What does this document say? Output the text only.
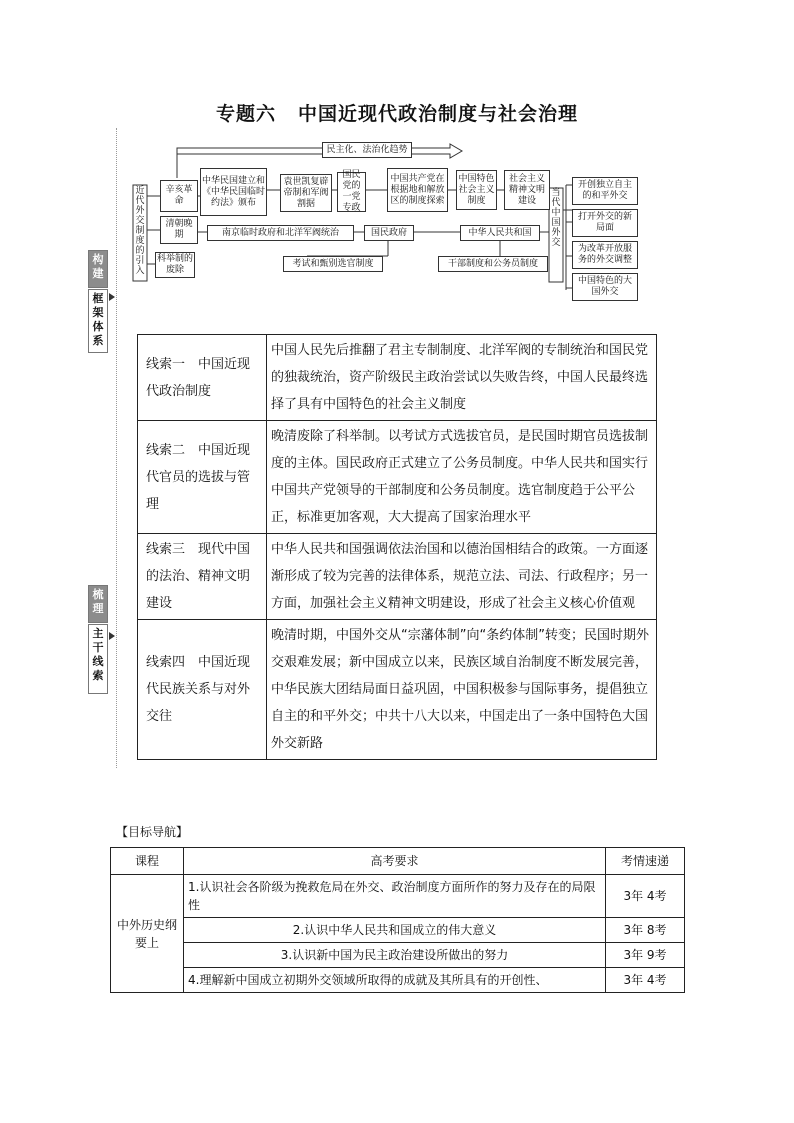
专题六 中国近现代政治制度与社会治理
构建
框架体系
梳理
主干线索
民主化、法治化趋势
近代外交制度的引入
辛亥革命
清朝晚期
科举制的废除
中华民国建立和《中华民国临时约法》颁布
袁世凯复辟帝制和军阀割据
国民党的一党专政
中国共产党在根据地和解放区的制度探索
中国特色社会主义制度
社会主义精神文明建设
南京临时政府和北洋军阀统治	国民政府	中华人民共和国
考试和甄别选官制度	干部制度和公务员制度
当代中国外交
开创独立自主的和平外交
打开外交的新局面
为改革开放服务的外交调整
中国特色的大国外交
线索一　中国近现代政治制度	中国人民先后推翻了君主专制制度、北洋军阀的专制统治和国民党的独裁统治，资产阶级民主政治尝试以失败告终，中国人民最终选择了具有中国特色的社会主义制度
线索二　中国近现代官员的选拔与管理	晚清废除了科举制。以考试方式选拔官员，是民国时期官员选拔制度的主体。国民政府正式建立了公务员制度。中华人民共和国实行中国共产党领导的干部制度和公务员制度。选官制度趋于公平公正，标准更加客观，大大提高了国家治理水平
线索三　现代中国的法治、精神文明建设	中华人民共和国强调依法治国和以德治国相结合的政策。一方面逐渐形成了较为完善的法律体系，规范立法、司法、行政程序；另一方面，加强社会主义精神文明建设，形成了社会主义核心价值观
线索四　中国近现代民族关系与对外交往	晚清时期，中国外交从“宗藩体制”向“条约体制”转变；民国时期外交艰难发展；新中国成立以来，民族区域自治制度不断发展完善，中华民族大团结局面日益巩固，中国积极参与国际事务，提倡独立自主的和平外交；中共十八大以来，中国走出了一条中国特色大国外交新路
【目标导航】
课程	高考要求	考情速递
中外历史纲要上	1.认识社会各阶级为挽救危局在外交、政治制度方面所作的努力及存在的局限性	3年 4考
	2.认识中华人民共和国成立的伟大意义	3年 8考
	3.认识新中国为民主政治建设所做出的努力	3年 9考
	4.理解新中国成立初期外交领域所取得的成就及其所具有的开创性、	3年 4考
